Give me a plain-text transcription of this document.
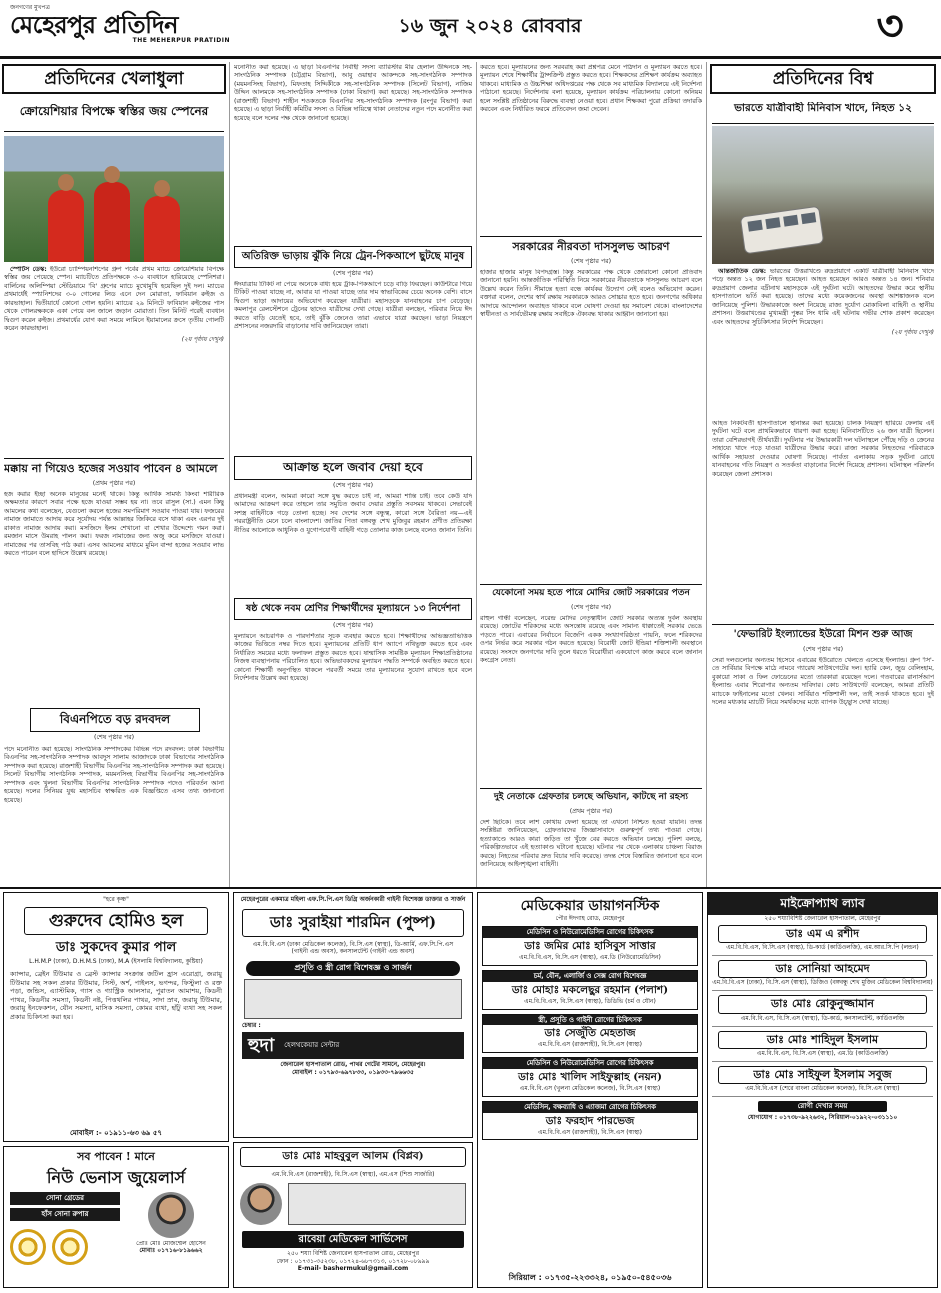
জনগণের মুখপত্র
মেহেরপুর প্রতিদিন
THE MEHERPUR PRATIDIN
১৬ জুন ২০২৪ রোববার	৩
প্রতিদিনের খেলাধুলা
ক্রোয়েশিয়ার বিপক্ষে স্বস্তির জয় স্পেনের

স্পোর্টস ডেস্ক: ইউরো চ্যাম্পিয়নশিপের গ্রুপ পর্বের প্রথম ম্যাচে ক্রোয়েশিয়ার বিপক্ষে স্বস্তির জয় পেয়েছে স্পেন। ম্যাচটিতে প্রতিপক্ষকে ৩-০ ব্যবধানে হারিয়েছে স্পেনিশরা। বার্লিনের অলিম্পিয়া স্টেডিয়ামে 'বি' গ্রুপের ম্যাচে মুখোমুখি হয়েছিল দুই দল। ম্যাচের প্রথমার্ধেই স্প্যানিশদের ৩-০ গোলের লিড এনে দেন মোরাতা, ফাবিয়ান রুইজ ও কারভাহাল। দ্বিতীয়ার্ধে কোনো গোল হয়নি। ম্যাচের ২৯ মিনিটে ফাবিয়ান রুইজের পাস থেকে গোলরক্ষককে একা পেয়ে বল জালে জড়ান মোরাতা। তিন মিনিট পরেই ব্যবধান দ্বিগুণ করেন রুইজ। প্রথমার্ধের যোগ করা সময়ে লামিনে ইয়ামালের ক্রসে তৃতীয় গোলটি করেন কারভাহাল।

(২য় পৃষ্ঠায় দেখুন)
মক্কায় না গিয়েও হজের সওয়াব পাবেন ৪ আমলে
(প্রথম পৃষ্ঠার পর)
হজ করার ইচ্ছা অনেক মানুষের মনেই থাকে। কিন্তু আর্থিক সামর্থ্য কিংবা শারীরিক অক্ষমতার কারণে সবার পক্ষে হজে যাওয়া সম্ভব হয় না। তবে রাসুল (সা.) এমন কিছু আমলের কথা বলেছেন, যেগুলো করলে হজের সমপরিমাণ সওয়াব পাওয়া যায়। ফজরের নামাজ জামাতে আদায় করে সূর্যোদয় পর্যন্ত আল্লাহর জিকিরে বসে থাকা এবং এরপর দুই রাকাত নামাজ আদায় করা। মসজিদে ইলম শেখানো বা শেখার উদ্দেশ্যে গমন করা। রমজান মাসে উমরাহ পালন করা। ফরজ নামাজের জন্য অজু করে মসজিদে যাওয়া। নামাজের পর তাসবিহ পাঠ করা। এসব আমলের মাধ্যমে মুমিন বান্দা হজের সওয়াব লাভ করতে পারেন বলে হাদিসে উল্লেখ রয়েছে।
বিএনপিতে বড় রদবদল
(শেষ পৃষ্ঠার পর)
পদে মনোনীত করা হয়েছে। সাংগঠনিক সম্পাদকের বিভিন্ন পদে রদবদল: ঢাকা বিভাগীয় বিএনপির সহ-সাংগঠনিক সম্পাদক আবদুস সালাম আজাদকে ঢাকা বিভাগের সাংগঠনিক সম্পাদক করা হয়েছে। রাজশাহী বিভাগীয় বিএনপির সহ-সাংগঠনিক সম্পাদক করা হয়েছে। সিলেট বিভাগীয় সাংগঠনিক সম্পাদক, ময়মনসিংহ বিভাগীয় বিএনপির সহ-সাংগঠনিক সম্পাদক এবং খুলনা বিভাগীয় বিএনপির সাংগঠনিক সম্পাদক পদেও পরিবর্তন আনা হয়েছে। দলের সিনিয়র যুগ্ম মহাসচিব স্বাক্ষরিত এক বিজ্ঞপ্তিতে এসব তথ্য জানানো হয়েছে।
মনোনীত করা হয়েছে। এ ছাড়া বিএনপির নির্বাহী সদস্য ব্যারিস্টার মীর হেলাল উদ্দিনকে সহ-সাংগঠনিক সম্পাদক (চট্টগ্রাম বিভাগ), আবু ওয়াহাব আকন্দকে সহ-সাংগঠনিক সম্পাদক (ময়মনসিংহ বিভাগ), মিফতাহ সিদ্দিকীকে সহ-সাংগঠনিক সম্পাদক (সিলেট বিভাগ), নাজিম উদ্দিন আলমকে সহ-সাংগঠনিক সম্পাদক (ঢাকা বিভাগ) করা হয়েছে। সহ-সাংগঠনিক সম্পাদক (রাজশাহী বিভাগ) শাহীন শওকতকে বিএনপির সহ-সাংগঠনিক সম্পাদক (রংপুর বিভাগ) করা হয়েছে। এ ছাড়া নির্বাহী কমিটির সদস্য ও বিভিন্ন দায়িত্বে থাকা নেতাদের নতুন পদে মনোনীত করা হয়েছে বলে দলের পক্ষ থেকে জানানো হয়েছে।
অতিরিক্ত ভাড়ায় ঝুঁকি নিয়ে ট্রেন-পিকআপে ছুটছে মানুষ
(শেষ পৃষ্ঠার পর)
ঈদযাত্রায় টিকিট না পেয়ে অনেকে বাধ্য হয়ে ট্রাক-পিকআপে চড়ে বাড়ি ফিরছেন। কাউন্টারে গিয়ে টিকিট পাওয়া যাচ্ছে না, আবার যা পাওয়া যাচ্ছে তার দাম স্বাভাবিকের চেয়ে অনেক বেশি। বাসে দ্বিগুণ ভাড়া আদায়ের অভিযোগ করেছেন যাত্রীরা। মহাসড়কে যানবাহনের চাপ বেড়েছে। কমলাপুর রেলস্টেশনে ট্রেনের ছাদেও যাত্রীদের দেখা গেছে। যাত্রীরা বলছেন, পরিবার নিয়ে ঈদ করতে বাড়ি যেতেই হবে, তাই ঝুঁকি জেনেও তারা এভাবে যাত্রা করছেন। ভাড়া নিয়ন্ত্রণে প্রশাসনের নজরদারি বাড়ানোর দাবি জানিয়েছেন তারা।
আক্রান্ত হলে জবাব দেয়া হবে
(শেষ পৃষ্ঠার পর)
প্রধানমন্ত্রী বলেন, আমরা কারো সঙ্গে যুদ্ধ করতে চাই না, আমরা শান্তি চাই। তবে কেউ যদি আমাদের আক্রমণ করে তাহলে তার সমুচিত জবাব দেয়ার প্রস্তুতি সবসময় থাকবে। সেভাবেই সশস্ত্র বাহিনীকে গড়ে তোলা হচ্ছে। সব দেশের সঙ্গে বন্ধুত্ব, কারো সঙ্গে বৈরিতা নয়—এই পররাষ্ট্রনীতি মেনে চলে বাংলাদেশ। জাতির পিতা বঙ্গবন্ধু শেখ মুজিবুর রহমান প্রণীত প্রতিরক্ষা নীতির আলোকে আধুনিক ও যুগোপযোগী বাহিনী গড়ে তোলার কাজ চলছে বলেও জানান তিনি।
ষষ্ঠ থেকে নবম শ্রেণির শিক্ষার্থীদের মূল্যায়নে ১৩ নির্দেশনা
(শেষ পৃষ্ঠার পর)
মূল্যায়নে আচরণিক ও পারদর্শিতার সূচক ব্যবহার করতে হবে। শিক্ষার্থীদের অভিজ্ঞতাভিত্তিক কাজের ভিত্তিতে নম্বর দিতে হবে। মূল্যায়নের প্রতিটি ধাপ অ্যাপে নথিভুক্ত করতে হবে এবং নির্ধারিত সময়ের মধ্যে ফলাফল প্রস্তুত করতে হবে। ষান্মাসিক সামষ্টিক মূল্যায়ন শিক্ষাপ্রতিষ্ঠানের নিজস্ব ব্যবস্থাপনায় পরিচালিত হবে। অভিভাবকদের মূল্যায়ন পদ্ধতি সম্পর্কে অবহিত করতে হবে। কোনো শিক্ষার্থী অনুপস্থিত থাকলে পরবর্তী সময়ে তার মূল্যায়নের সুযোগ রাখতে হবে বলে নির্দেশনায় উল্লেখ করা হয়েছে।
করতে হবে। মূল্যায়নের জন্য সরবরাহ করা প্রশ্নপত্র মেনে পাঠদান ও মূল্যায়ন করতে হবে। মূল্যায়ন শেষে শিক্ষার্থীর ট্রান্সক্রিপ্ট প্রস্তুত করতে হবে। শিক্ষকদের প্রশিক্ষণ কার্যক্রম অব্যাহত থাকবে। মাধ্যমিক ও উচ্চশিক্ষা অধিদপ্তরের পক্ষ থেকে সব মাধ্যমিক বিদ্যালয়ে এই নির্দেশনা পাঠানো হয়েছে। নির্দেশনায় বলা হয়েছে, মূল্যায়ন কার্যক্রম পরিচালনায় কোনো অনিয়ম হলে সংশ্লিষ্ট প্রতিষ্ঠানের বিরুদ্ধে ব্যবস্থা নেওয়া হবে। প্রধান শিক্ষকরা পুরো প্রক্রিয়া তদারকি করবেন এবং নির্ধারিত ফরমে প্রতিবেদন জমা দেবেন।
সরকারের নীরবতা দাসসুলভ আচরণ
(শেষ পৃষ্ঠার পর)
হাজার হাজার মানুষ বিপদগ্রস্ত। কিন্তু সরকারের পক্ষ থেকে জোরালো কোনো প্রতিবাদ জানানো হয়নি। আন্তর্জাতিক পরিস্থিতি নিয়ে সরকারের নীরবতাকে দাসসুলভ আচরণ বলে উল্লেখ করেন তিনি। সীমান্তে হত্যা বন্ধে কার্যকর উদ্যোগ নেই বলেও অভিযোগ করেন। বক্তারা বলেন, দেশের স্বার্থ রক্ষায় সরকারকে আরও সোচ্চার হতে হবে। জনগণের অধিকার আদায়ে আন্দোলন অব্যাহত থাকবে বলে ঘোষণা দেওয়া হয় সমাবেশ থেকে। বাংলাদেশের স্বাধীনতা ও সার্বভৌমত্ব রক্ষায় সবাইকে ঐক্যবদ্ধ থাকার আহ্বান জানানো হয়।
যেকোনো সময় হতে পারে মোদির জোট সরকারের পতন
(শেষ পৃষ্ঠার পর)
রাহুল গান্ধী বলেছেন, নরেন্দ্র মোদির নেতৃত্বাধীন জোট সরকার অত্যন্ত দুর্বল অবস্থায় রয়েছে। জোটের শরিকদের মধ্যে অসন্তোষ রয়েছে এবং সামান্য ধাক্কাতেই সরকার ভেঙে পড়তে পারে। এবারের নির্বাচনে বিজেপি একক সংখ্যাগরিষ্ঠতা পায়নি, ফলে শরিকদের ওপর নির্ভর করে সরকার গঠন করতে হয়েছে। বিরোধী জোট ইন্ডিয়া শক্তিশালী অবস্থানে রয়েছে। সংসদে জনগণের দাবি তুলে ধরতে বিরোধীরা একযোগে কাজ করবে বলে জানান কংগ্রেস নেতা।
দুই নেতাকে গ্রেফতার চলছে অভিযান, কাটছে না রহস্য
(প্রথম পৃষ্ঠার পর)
দেশ ছিটকে। তবে লাশ কোথায় ফেলা হয়েছে তা এখনো নিশ্চিত হওয়া যায়নি। তদন্ত সংশ্লিষ্টরা জানিয়েছেন, গ্রেফতারদের জিজ্ঞাসাবাদে গুরুত্বপূর্ণ তথ্য পাওয়া গেছে। হত্যাকাণ্ডে আরও কারা জড়িত তা খুঁজে বের করতে অভিযান চলছে। পুলিশ বলছে, পরিকল্পিতভাবে এই হত্যাকাণ্ড ঘটানো হয়েছে। ঘটনার পর থেকে এলাকায় চাঞ্চল্য বিরাজ করছে। নিহতের পরিবার দ্রুত বিচার দাবি করেছে। তদন্ত শেষে বিস্তারিত জানানো হবে বলে জানিয়েছে আইনশৃঙ্খলা বাহিনী।
প্রতিদিনের বিশ্ব
ভারতে যাত্রীবাহী মিনিবাস খাদে, নিহত ১২

আন্তর্জাতিক ডেস্ক: ভারতের উত্তরাখণ্ডে রুদ্রপ্রয়াগে একটি যাত্রীবাহী মিনিবাস খাদে পড়ে অন্তত ১২ জন নিহত হয়েছেন। আহত হয়েছেন আরও অন্তত ১৪ জন। শনিবার রুদ্রপ্রয়াগ জেলার বদ্রীনাথ মহাসড়কে এই দুর্ঘটনা ঘটে। আহতদের উদ্ধার করে স্থানীয় হাসপাতালে ভর্তি করা হয়েছে। তাদের মধ্যে কয়েকজনের অবস্থা আশঙ্কাজনক বলে জানিয়েছে পুলিশ। উদ্ধারকাজে অংশ নিয়েছে রাজ্য দুর্যোগ মোকাবিলা বাহিনী ও স্থানীয় প্রশাসন। উত্তরাখণ্ডের মুখ্যমন্ত্রী পুষ্কর সিং ধামি এই ঘটনায় গভীর শোক প্রকাশ করেছেন এবং আহতদের সুচিকিৎসার নির্দেশ দিয়েছেন।

(২য় পৃষ্ঠায় দেখুন)
আহত নিকটবর্তী হাসপাতালে স্থানান্তর করা হয়েছে। চালক নিয়ন্ত্রণ হারিয়ে ফেলায় এই দুর্ঘটনা ঘটে বলে প্রাথমিকভাবে ধারণা করা হচ্ছে। মিনিবাসটিতে ২৬ জন যাত্রী ছিলেন। তারা বেশিরভাগই তীর্থযাত্রী। দুর্ঘটনার পর উদ্ধারকারী দল ঘটনাস্থলে পৌঁছে দড়ি ও ক্রেনের সাহায্যে খাদে পড়ে যাওয়া যাত্রীদের উদ্ধার করে। রাজ্য সরকার নিহতদের পরিবারকে আর্থিক সহায়তা দেওয়ার ঘোষণা দিয়েছে। পার্বত্য এলাকায় সড়ক দুর্ঘটনা রোধে যানবাহনের গতি নিয়ন্ত্রণ ও সতর্কতা বাড়ানোর নির্দেশ দিয়েছে প্রশাসন। ঘটনাস্থল পরিদর্শন করেছেন জেলা প্রশাসক।
'ফেভারিট ইংল্যান্ডের ইউরো মিশন শুরু আজ
(শেষ পৃষ্ঠার পর)
সেরা দলগুলোর অন্যতম হিসেবে এবারের ইউরোতে খেলতে এসেছে ইংল্যান্ড। গ্রুপ 'সি'-তে সার্বিয়ার বিপক্ষে মাঠে নামবে গ্যারেথ সাউথগেটের দল। হ্যারি কেন, জুড বেলিংহাম, বুকায়ো সাকা ও ফিল ফোডেনের মতো তারকারা রয়েছেন দলে। গতবারের রানার্সআপ ইংল্যান্ড এবার শিরোপার অন্যতম দাবিদার। কোচ সাউথগেট বলেছেন, আমরা প্রতিটি ম্যাচকে ফাইনালের মতো খেলব। সার্বিয়াও শক্তিশালী দল, তাই সতর্ক থাকতে হবে। দুই দলের মধ্যকার ম্যাচটি নিয়ে সমর্থকদের মধ্যে ব্যাপক উচ্ছ্বাস দেখা যাচ্ছে।
"হরে কৃষ্ণ"
গুরুদেব হোমিও হল
ডাঃ সুকদেব কুমার পাল
L.H.M.P (ঢাকা), D.H.M.S (ঢাকা), M.A (ইসলামি বিশ্ববিদ্যালয়, কুষ্টিয়া)
ক্যান্সার, ব্রেইন টিউমার ও ব্রেস্ট ক্যান্সার সংক্রান্ত জটিল হ্রাস এরোগ্রা, জরায়ু টিউমার সহ সকল প্রকার টিউমার, সিস্ট, অর্শ, পাইলস, ভগন্দর, ফিস্টুলা ও রক্ত পড়া, জন্ডিস, এ্যাস্টমিক, গ্যাস ও গ্যাস্ট্রিক আলসার, পুরাতন আমাশয়, কিডনী পাথর, কিডনীর সমস্যা, কিডনী নষ্ট, পিত্তথলির পাথর, সাদা স্রাব, জরায়ু টিউমার, জরায়ু ইনফেকশন, যৌন সমস্যা, মাসিক সমস্যা, কোমর ব্যথা, হাঁটু ব্যথা সহ সকল প্রকার চিকিৎসা করা হয়।
মোবাইল :- ০১৯১১-৬৩ ৬৯ ৫৭
সব পাবেন ! মানে
নিউ ভেনাস জুয়েলার্স
সোনা গ্রেডের
হাঁস সোনা রুপার
প্রোঃ মোঃ মোজম্মেল হোসেন
মোবাঃ ০১৭১৬-৮১৯৬৬২
মেহেরপুরের একমাত্র মহিলা এফ.সি.পি.এস ডিগ্রি অর্জনকারী গাইনী বিশেষজ্ঞ ডাক্তার ও সার্জন
ডাঃ সুরাইয়া শারমিন (পুষ্প)
এম.বি.বি.এস (ঢাকা মেডিকেল কলেজ), বি.সি.এস (স্বাস্থ্য), ডি-আর্মি, এফ.সি.পি.এস (গাইনী এন্ড অবস), কনসালটেন্ট (গাইনী এন্ড অবস)
প্রসূতি ও স্ত্রী রোগ বিশেষজ্ঞ ও সার্জন
চেম্বার :
হুদা হেলথকেয়ার সেন্টার
জেনারেল হাসপাতাল রোড, পাথর গেটের সামনে, মেহেরপুর।
মোবাইল : ০১৭৯৩-৬৯৭৮৩৩, ০১৯৩৩-৭৯৬৬৩৫
ডাঃ মোঃ মাহবুবুল আলম (বিপ্লব)
এম.বি.বি.এস (রাজশাহী), বি.সি.এস (স্বাস্থ্য), এম.এস (শিশু সার্জারি)
রাবেয়া মেডিকেল সার্ভিসেস
২৫০ শয্যা বিশিষ্ট জেনারেল হাসপাতাল রোড, মেহেরপুর
ফোন : ০১৭৩১-৩৫২৩৮, ০১৭২৪-৬৮৭৩১৩, ০১৭২৮-০৮৯৯৯
E-mail- bashermukul@gmail.com
মেডিকেয়ার ডায়াগনস্টিক
পৌর ঈদগাহ রোড, মেহেরপুর
মেডিসিন ও নিউরোমেডিসিন রোগের চিকিৎসক
ডাঃ জমির মোঃ হাসিবুস সাত্তার
এম.বি.বি.এস, বি.সি.এস (স্বাস্থ্য), এম.ডি (নিউরোমেডিসিন)
চর্ম, যৌন, এলার্জি ও সেক্স রোগ বিশেষজ্ঞ
ডাঃ মোহাঃ মকলেছুর রহমান (পলাশ)
এম.বি.বি.এস, বি.সি.এস (স্বাস্থ্য), ডিডিভি (চর্ম ও যৌন)
স্ত্রী, প্রসূতি ও গাইনী রোগের চিকিৎসক
ডাঃ সেজুঁতি মেহতাজ
এম.বি.বি.এস (রাজশাহী), বি.সি.এস (স্বাস্থ্য)
মেডিসিন ও নিউরোমেডিসিন রোগের চিকিৎসক
ডাঃ মোঃ খালিদ সাইফুল্লাহ (নয়ন)
এম.বি.বি.এস (খুলনা মেডিকেল কলেজ), বি.সি.এস (স্বাস্থ্য)
মেডিসিন, বক্ষব্যাধি ও এ্যাজমা রোগের চিকিৎসক
ডাঃ ফরহাদ পারভেজ
এম.বি.বি.এস (রাজশাহী), বি.সি.এস (স্বাস্থ্য)
সিরিয়াল : ০১৭৩৫-২২৩৩২৪, ০১৯৫০-৫৪৫০৩৬
মাইক্রোপ্যাথ ল্যাব
২৫০ শয্যাবিশিষ্ট জেনারেল হাসপাতাল, মেহেরপুর
ডাঃ এম এ রশীদ
এম.বি.বি.এস, বি.সি.এস (স্বাস্থ্য), ডি-কার্ড (কার্ডিওলজি), এম.আর.সি.পি (লন্ডন)
ডাঃ সোনিয়া আহমেদ
এম.বি.বি.এস (ঢাকা), বি.সি.এস (স্বাস্থ্য), ডিজিও (বঙ্গবন্ধু শেখ মুজিব মেডিকেল বিশ্ববিদ্যালয়)
ডাঃ মোঃ রোকুনুজ্জামান
এম.বি.বি.এস, বি.সি.এস (স্বাস্থ্য), ডি-কার্ড, কনসালটেন্ট, কার্ডিওলজি
ডাঃ মোঃ শাহিদুল ইসলাম
এম.বি.বি.এস, বি.সি.এস (স্বাস্থ্য), এম.ডি (কার্ডিওলজি)
ডাঃ মোঃ সাইফুল ইসলাম সবুজ
এম.বি.বি.এস (শেরে বাংলা মেডিকেল কলেজ), বি.সি.এস (স্বাস্থ্য)
রোগী দেখার সময়
যোগাযোগ : ০১৭৩৮-৯২২৬৩২, সিরিয়াল-০১৯২২-০৩১১১০
